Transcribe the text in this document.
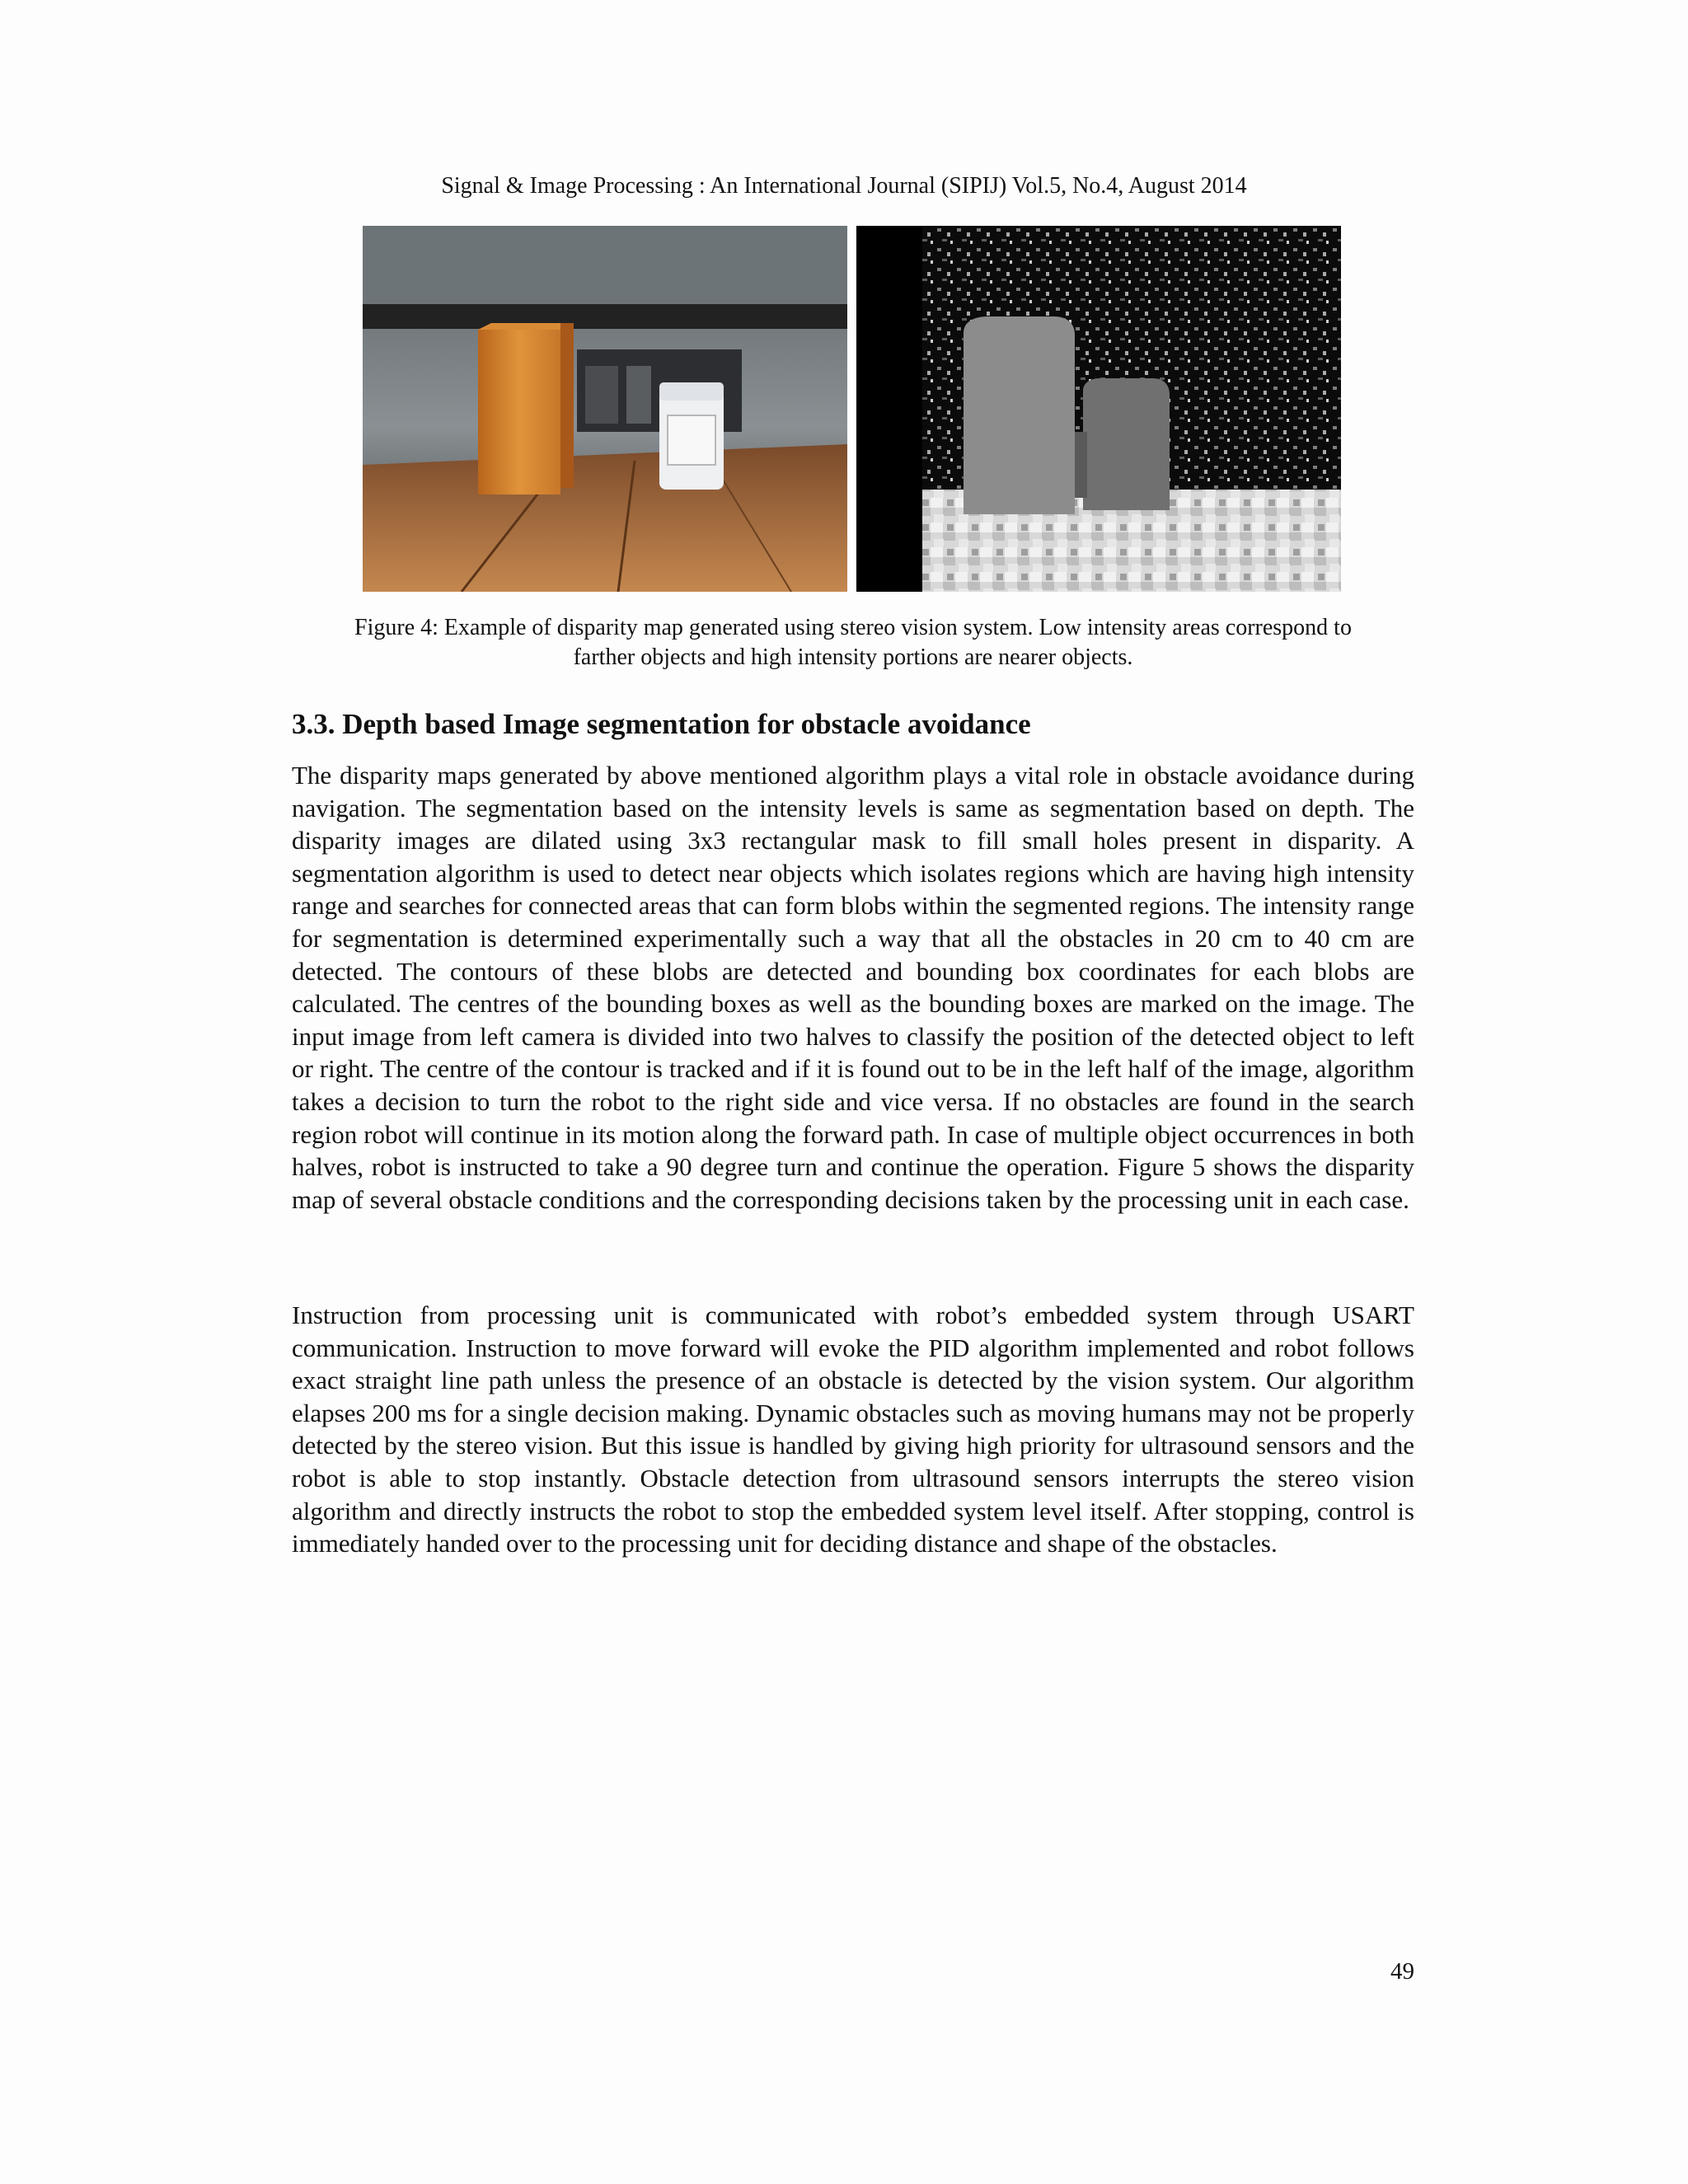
Signal & Image Processing : An International Journal (SIPIJ) Vol.5, No.4, August 2014
Figure 4: Example of disparity map generated using stereo vision system. Low intensity areas correspond to
farther objects and high intensity portions are nearer objects.
3.3. Depth based Image segmentation for obstacle avoidance

The disparity maps generated by above mentioned algorithm plays a vital role in obstacle avoidance during navigation. The segmentation based on the intensity levels is same as segmentation based on depth. The disparity images are dilated using 3x3 rectangular mask to fill small holes present in disparity. A segmentation algorithm is used to detect near objects which isolates regions which are having high intensity range and searches for connected areas that can form blobs within the segmented regions. The intensity range for segmentation is determined experimentally such a way that all the obstacles in 20 cm to 40 cm are detected. The contours of these blobs are detected and bounding box coordinates for each blobs are calculated. The centres of the bounding boxes as well as the bounding boxes are marked on the image. The input image from left camera is divided into two halves to classify the position of the detected object to left or right. The centre of the contour is tracked and if it is found out to be in the left half of the image, algorithm takes a decision to turn the robot to the right side and vice versa. If no obstacles are found in the search region robot will continue in its motion along the forward path. In case of multiple object occurrences in both halves, robot is instructed to take a 90 degree turn and continue the operation. Figure 5 shows the disparity map of several obstacle conditions and the corresponding decisions taken by the processing unit in each case.

Instruction from processing unit is communicated with robot’s embedded system through USART communication. Instruction to move forward will evoke the PID algorithm implemented and robot follows exact straight line path unless the presence of an obstacle is detected by the vision system. Our algorithm elapses 200 ms for a single decision making. Dynamic obstacles such as moving humans may not be properly detected by the stereo vision. But this issue is handled by giving high priority for ultrasound sensors and the robot is able to stop instantly. Obstacle detection from ultrasound sensors interrupts the stereo vision algorithm and directly instructs the robot to stop the embedded system level itself. After stopping, control is immediately handed over to the processing unit for deciding distance and shape of the obstacles.

49
